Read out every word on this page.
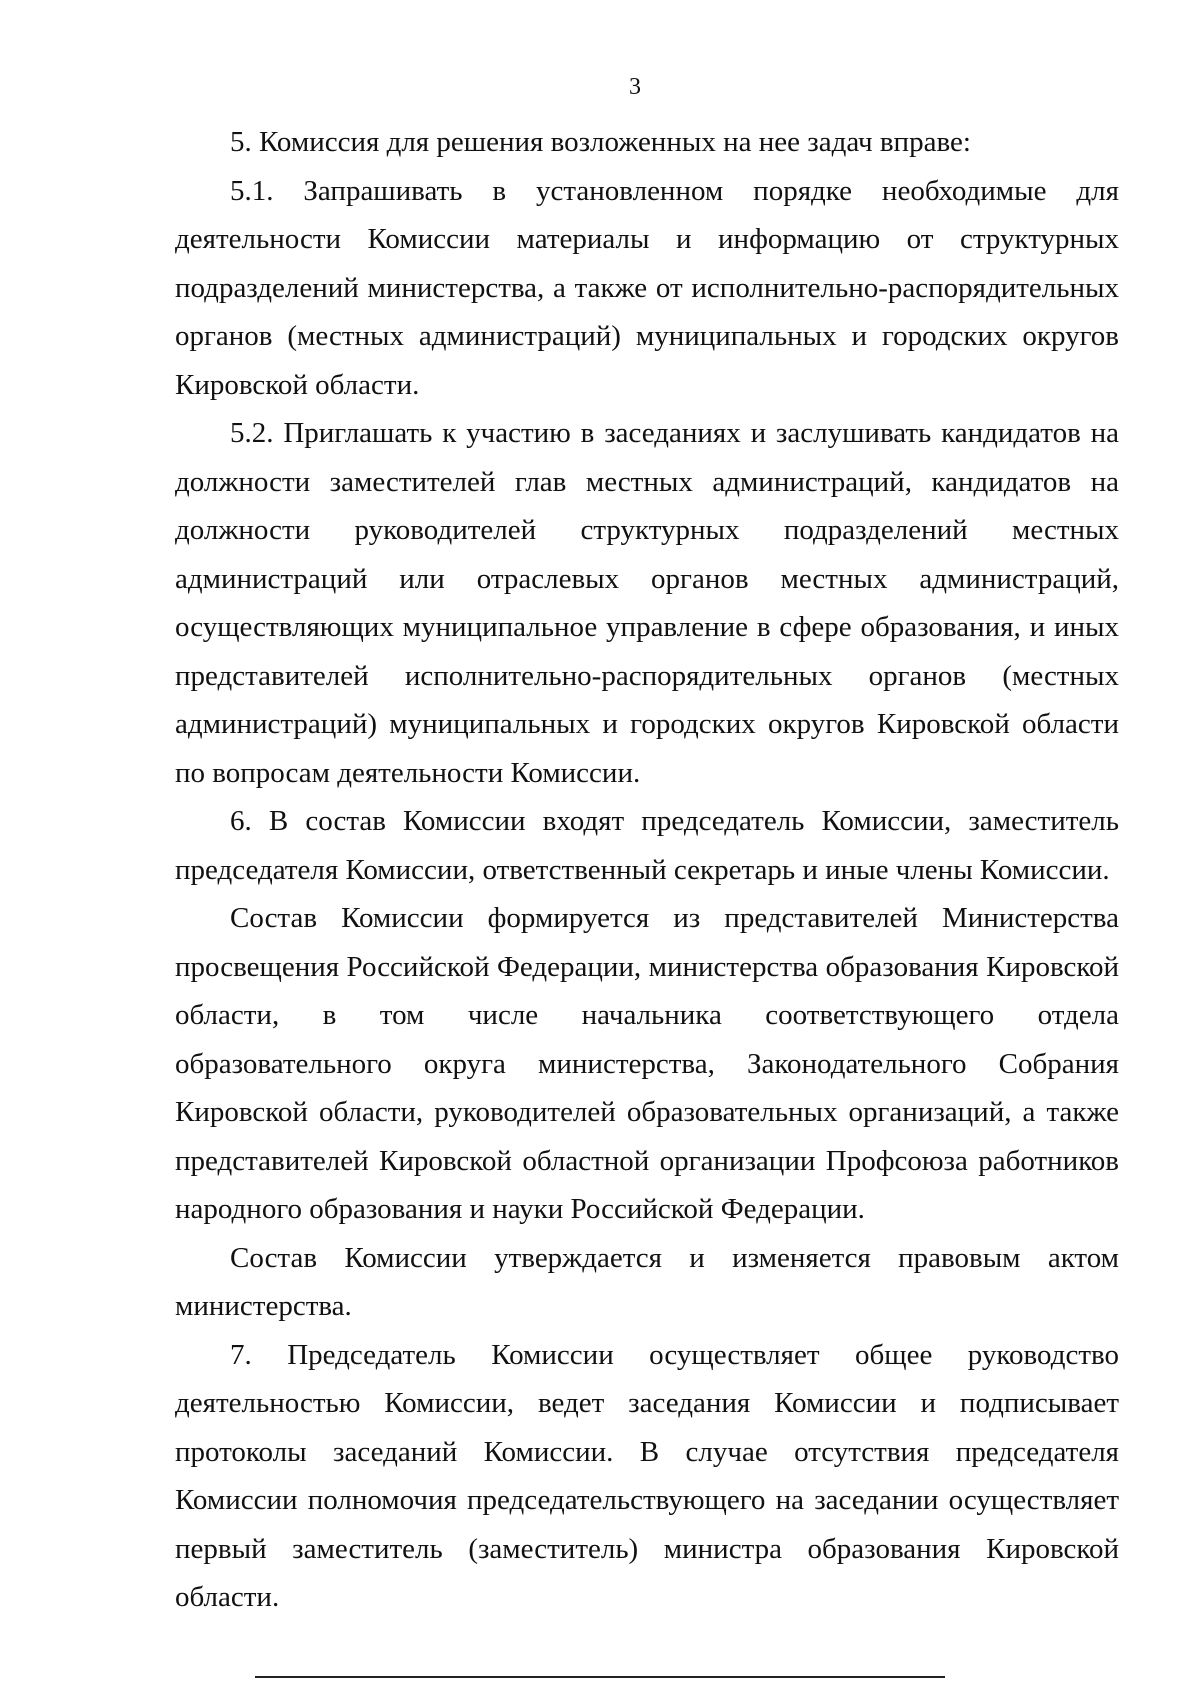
3

5. Комиссия для решения возложенных на нее задач вправе:

5.1. Запрашивать в установленном порядке необходимые для деятельности Комиссии материалы и информацию от структурных подразделений министерства, а также от исполнительно-распорядительных органов (местных администраций) муниципальных и городских округов Кировской области.

5.2. Приглашать к участию в заседаниях и заслушивать кандидатов на должности заместителей глав местных администраций, кандидатов на должности руководителей структурных подразделений местных администраций или отраслевых органов местных администраций, осуществляющих муниципальное управление в сфере образования, и иных представителей исполнительно-распорядительных органов (местных администраций) муниципальных и городских округов Кировской области по вопросам деятельности Комиссии.

6. В состав Комиссии входят председатель Комиссии, заместитель председателя Комиссии, ответственный секретарь и иные члены Комиссии.

Состав Комиссии формируется из представителей Министерства просвещения Российской Федерации, министерства образования Кировской области, в том числе начальника соответствующего отдела образовательного округа министерства, Законодательного Собрания Кировской области, руководителей образовательных организаций, а также представителей Кировской областной организации Профсоюза работников народного образования и науки Российской Федерации.

Состав Комиссии утверждается и изменяется правовым актом министерства.

7. Председатель Комиссии осуществляет общее руководство деятельностью Комиссии, ведет заседания Комиссии и подписывает протоколы заседаний Комиссии. В случае отсутствия председателя Комиссии полномочия председательствующего на заседании осуществляет первый заместитель (заместитель) министра образования Кировской области.
